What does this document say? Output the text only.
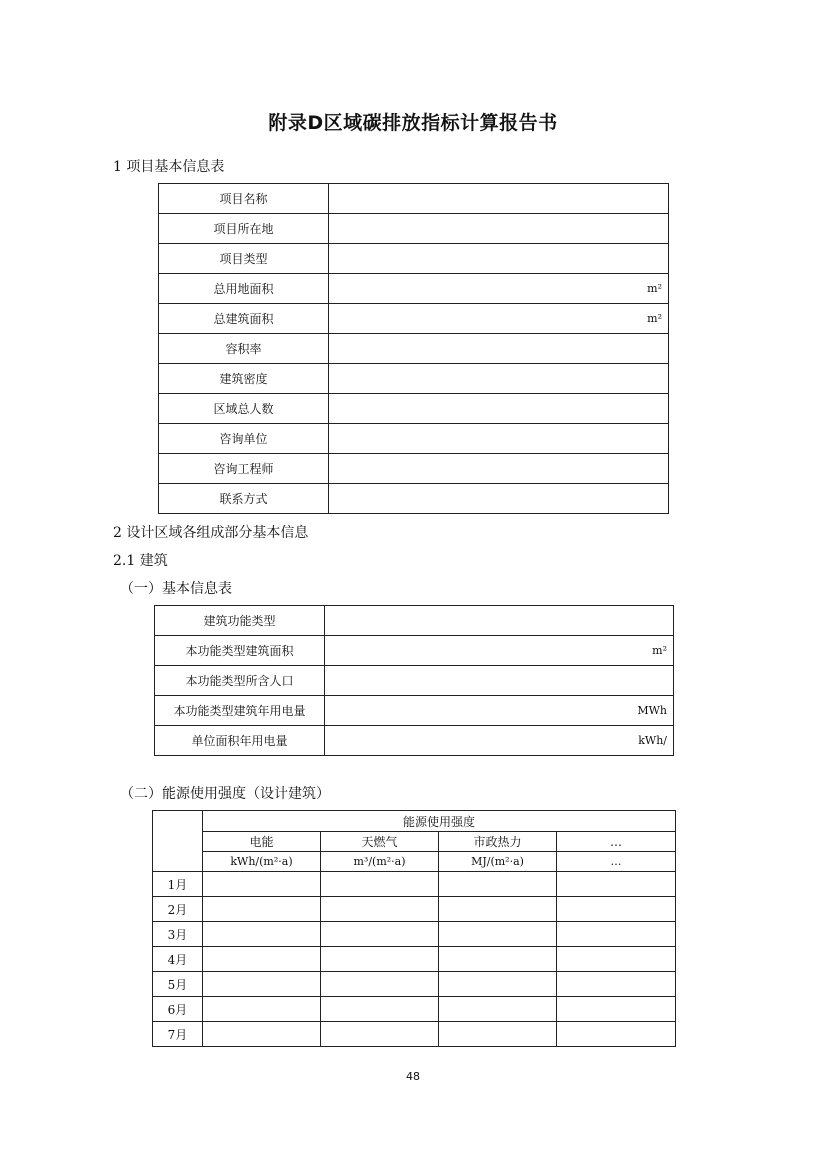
附录D区域碳排放指标计算报告书
1 项目基本信息表
项目名称	
项目所在地	
项目类型	
总用地面积	m²
总建筑面积	m²
容积率	
建筑密度	
区域总人数	
咨询单位	
咨询工程师	
联系方式	
2 设计区域各组成部分基本信息
2.1 建筑
（一）基本信息表
建筑功能类型	
本功能类型建筑面积	m²
本功能类型所含人口	
本功能类型建筑年用电量	MWh
单位面积年用电量	kWh/
（二）能源使用强度（设计建筑）
	能源使用强度			
	电能	天燃气	市政热力	…
	kWh/(m²·a)	m³/(m²·a)	MJ/(m²·a)	…
1月				
2月				
3月				
4月				
5月				
6月				
7月				
48
